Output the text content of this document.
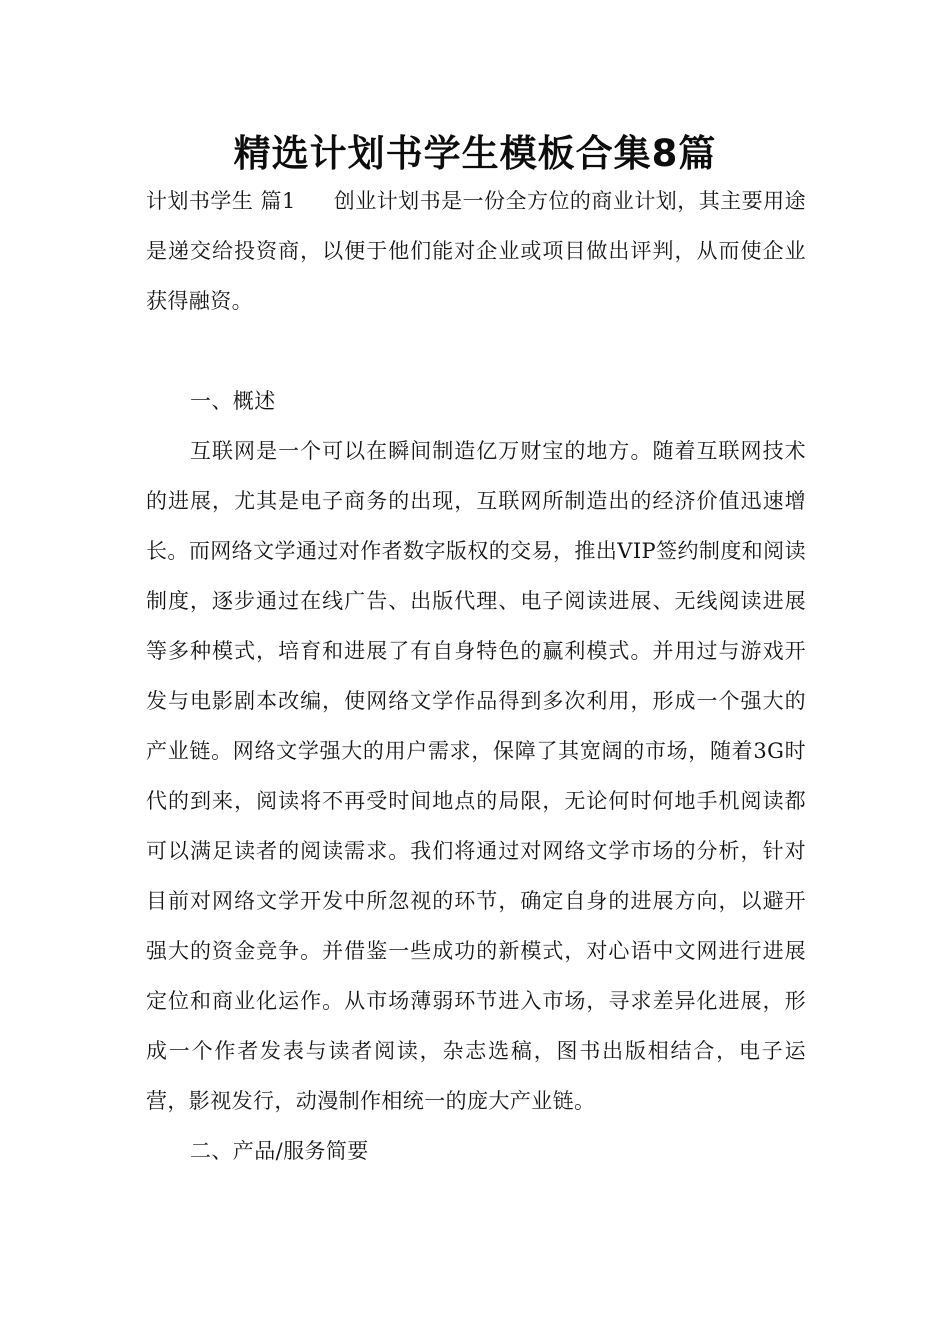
精选计划书学生模板合集8篇

计划书学生 篇1 创业计划书是一份全方位的商业计划，其主要用途是递交给投资商，以便于他们能对企业或项目做出评判，从而使企业获得融资。

一、概述

互联网是一个可以在瞬间制造亿万财宝的地方。随着互联网技术的进展，尤其是电子商务的出现，互联网所制造出的经济价值迅速增长。而网络文学通过对作者数字版权的交易，推出VIP签约制度和阅读制度，逐步通过在线广告、出版代理、电子阅读进展、无线阅读进展等多种模式，培育和进展了有自身特色的赢利模式。并用过与游戏开发与电影剧本改编，使网络文学作品得到多次利用，形成一个强大的产业链。网络文学强大的用户需求，保障了其宽阔的市场，随着3G时代的到来，阅读将不再受时间地点的局限，无论何时何地手机阅读都可以满足读者的阅读需求。我们将通过对网络文学市场的分析，针对目前对网络文学开发中所忽视的环节，确定自身的进展方向，以避开强大的资金竞争。并借鉴一些成功的新模式，对心语中文网进行进展定位和商业化运作。从市场薄弱环节进入市场，寻求差异化进展，形成一个作者发表与读者阅读，杂志选稿，图书出版相结合，电子运营，影视发行，动漫制作相统一的庞大产业链。

二、产品/服务简要
